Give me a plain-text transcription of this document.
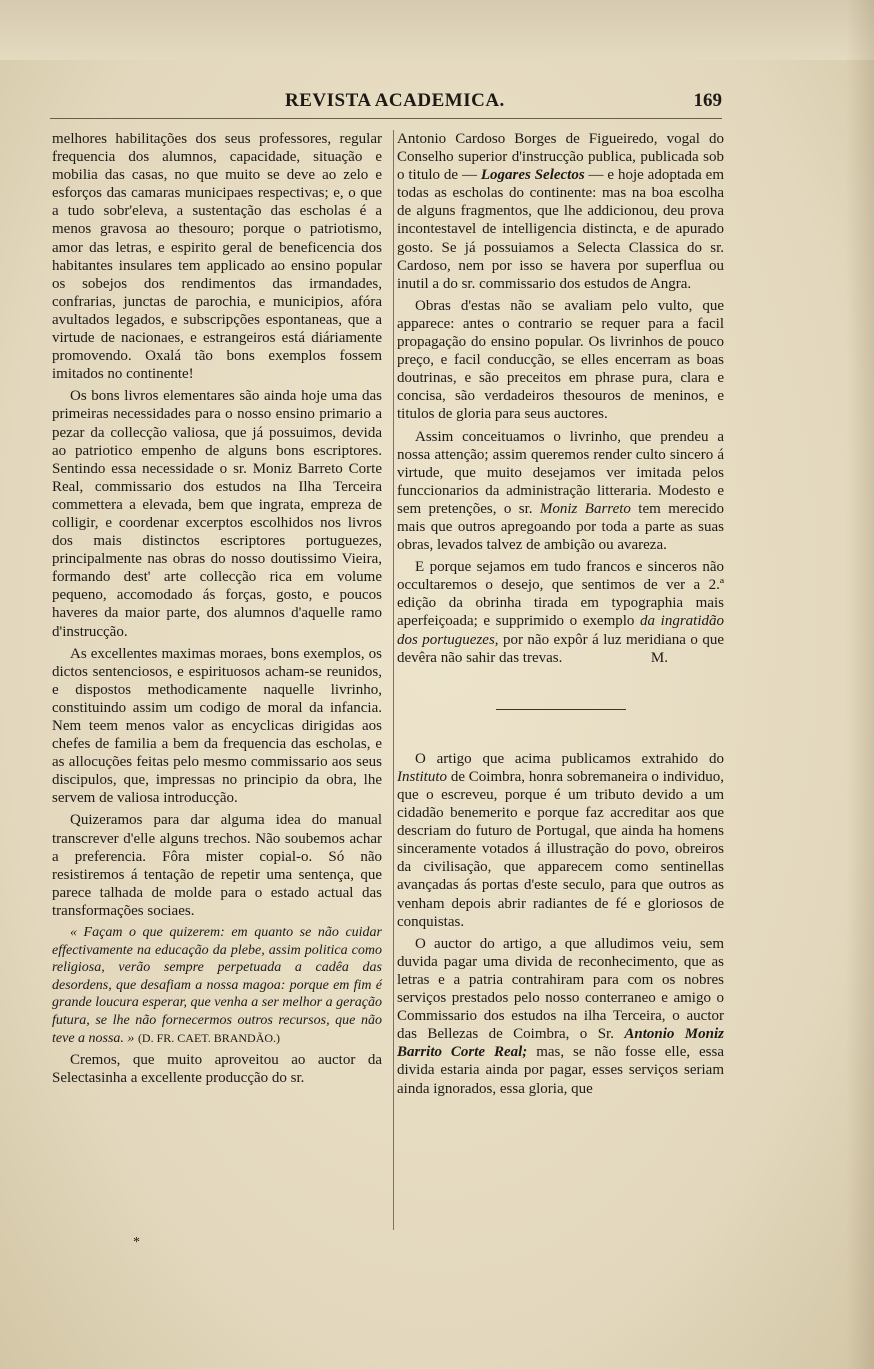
REVISTA ACADEMICA.	169

melhores habilitações dos seus professores, regular frequencia dos alumnos, capacidade, situação e mobilia das casas, no que muito se deve ao zelo e esforços das camaras municipaes respectivas; e, o que a tudo sobr'eleva, a sustentação das escholas é a menos gravosa ao thesouro; porque o patriotismo, amor das letras, e espirito geral de beneficencia dos habitantes insulares tem applicado ao ensino popular os sobejos dos rendimentos das irmandades, confrarias, junctas de parochia, e municipios, afóra avultados legados, e subscripções espontaneas, que a virtude de nacionaes, e estrangeiros está diáriamente promovendo. Oxalá tão bons exemplos fossem imitados no continente!

Os bons livros elementares são ainda hoje uma das primeiras necessidades para o nosso ensino primario a pezar da collecção valiosa, que já possuimos, devida ao patriotico empenho de alguns bons escriptores. Sentindo essa necessidade o sr. Moniz Barreto Corte Real, commissario dos estudos na Ilha Terceira commettera a elevada, bem que ingrata, empreza de colligir, e coordenar excerptos escolhidos nos livros dos mais distinctos escriptores portuguezes, principalmente nas obras do nosso doutissimo Vieira, formando dest' arte collecção rica em volume pequeno, accomodado ás forças, gosto, e poucos haveres da maior parte, dos alumnos d'aquelle ramo d'instrucção.

As excellentes maximas moraes, bons exemplos, os dictos sentenciosos, e espirituosos acham-se reunidos, e dispostos methodicamente naquelle livrinho, constituindo assim um codigo de moral da infancia. Nem teem menos valor as encyclicas dirigidas aos chefes de familia a bem da frequencia das escholas, e as allocuções feitas pelo mesmo commissario aos seus discipulos, que, impressas no principio da obra, lhe servem de valiosa introducção.

Quizeramos para dar alguma idea do manual transcrever d'elle alguns trechos. Não soubemos achar a preferencia. Fôra mister copial-o. Só não resistiremos á tentação de repetir uma sentença, que parece talhada de molde para o estado actual das transformações sociaes.

« Façam o que quizerem: em quanto se não cuidar effectivamente na educação da plebe, assim politica como religiosa, verão sempre perpetuada a cadêa das desordens, que desafiam a nossa magoa: porque em fim é grande loucura esperar, que venha a ser melhor a geração futura, se lhe não fornecermos outros recursos, que não teve a nossa. » (D. FR. CAET. BRANDÃO.)

Cremos, que muito aproveitou ao auctor da Selectasinha a excellente producção do sr.

*

Antonio Cardoso Borges de Figueiredo, vogal do Conselho superior d'instrucção publica, publicada sob o titulo de — Logares Selectos — e hoje adoptada em todas as escholas do continente: mas na boa escolha de alguns fragmentos, que lhe addicionou, deu prova incontestavel de intelligencia distincta, e de apurado gosto. Se já possuiamos a Selecta Classica do sr. Cardoso, nem por isso se havera por superflua ou inutil a do sr. commissario dos estudos de Angra.

Obras d'estas não se avaliam pelo vulto, que apparece: antes o contrario se requer para a facil propagação do ensino popular. Os livrinhos de pouco preço, e facil conducção, se elles encerram as boas doutrinas, e são preceitos em phrase pura, clara e concisa, são verdadeiros thesouros de meninos, e titulos de gloria para seus auctores.

Assim conceituamos o livrinho, que prendeu a nossa attenção; assim queremos render culto sincero á virtude, que muito desejamos ver imitada pelos funccionarios da administração litteraria. Modesto e sem pretenções, o sr. Moniz Barreto tem merecido mais que outros apregoando por toda a parte as suas obras, levados talvez de ambição ou avareza.

E porque sejamos em tudo francos e sinceros não occultaremos o desejo, que sentimos de ver a 2.ª edição da obrinha tirada em typographia mais aperfeiçoada; e supprimido o exemplo da ingratidão dos portuguezes, por não expôr á luz meridiana o que devêra não sahir das trevas.	M.

O artigo que acima publicamos extrahido do Instituto de Coimbra, honra sobremaneira o individuo, que o escreveu, porque é um tributo devido a um cidadão benemerito e porque faz accreditar aos que descriam do futuro de Portugal, que ainda ha homens sinceramente votados á illustração do povo, obreiros da civilisação, que apparecem como sentinellas avançadas ás portas d'este seculo, para que outros as venham depois abrir radiantes de fé e gloriosos de conquistas.

O auctor do artigo, a que alludimos veiu, sem duvida pagar uma divida de reconhecimento, que as letras e a patria contrahiram para com os nobres serviços prestados pelo nosso conterraneo e amigo o Commissario dos estudos na ilha Terceira, o auctor das Bellezas de Coimbra, o Sr. Antonio Moniz Barrito Corte Real; mas, se não fosse elle, essa divida estaria ainda por pagar, esses serviços seriam ainda ignorados, essa gloria, que
